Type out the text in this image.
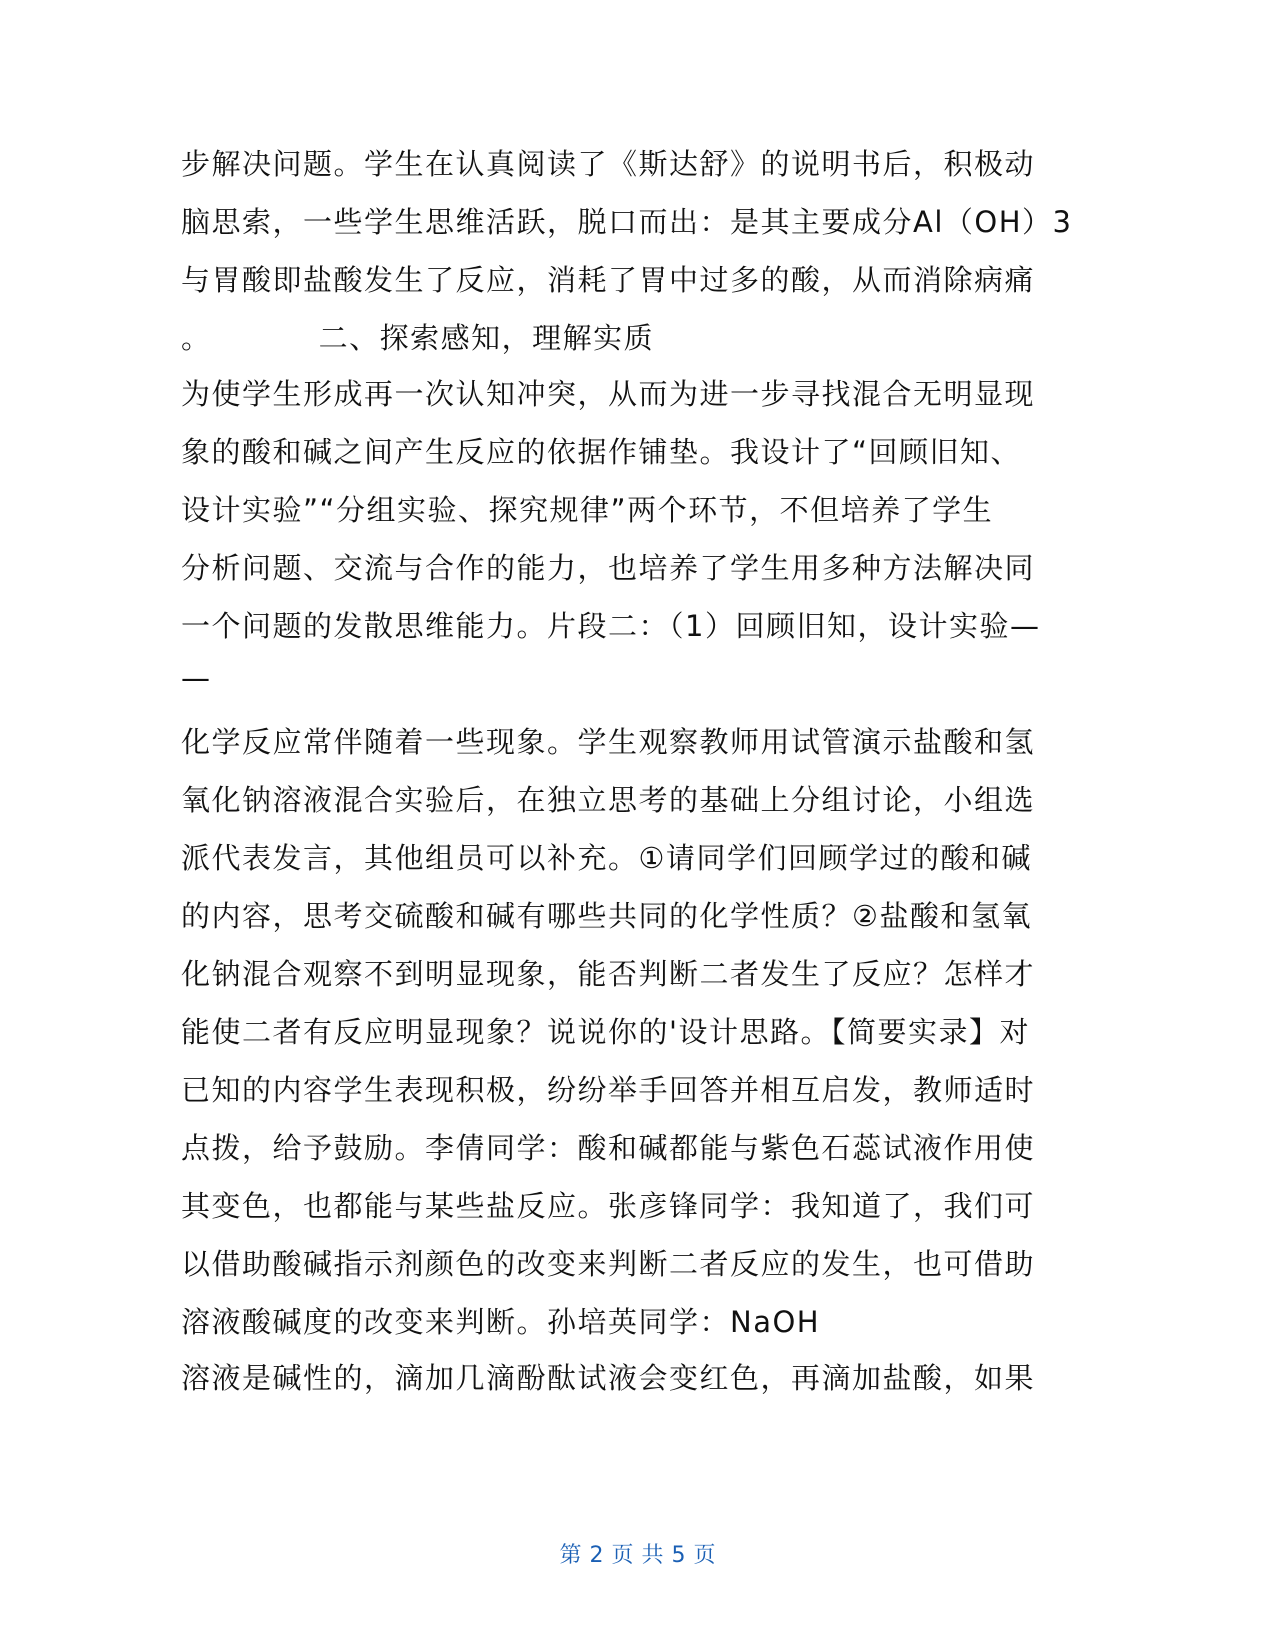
步解决问题。学生在认真阅读了《斯达舒》的说明书后，积极动
脑思索，一些学生思维活跃，脱口而出：是其主要成分Al（OH）3
与胃酸即盐酸发生了反应，消耗了胃中过多的酸，从而消除病痛
。          二、探索感知，理解实质
为使学生形成再一次认知冲突，从而为进一步寻找混合无明显现
象的酸和碱之间产生反应的依据作铺垫。我设计了“回顾旧知、
设计实验”“分组实验、探究规律”两个环节，不但培养了学生
分析问题、交流与合作的能力，也培养了学生用多种方法解决同
一个问题的发散思维能力。片段二：（1）回顾旧知，设计实验—
—
化学反应常伴随着一些现象。学生观察教师用试管演示盐酸和氢
氧化钠溶液混合实验后，在独立思考的基础上分组讨论，小组选
派代表发言，其他组员可以补充。①请同学们回顾学过的酸和碱
的内容，思考交硫酸和碱有哪些共同的化学性质？②盐酸和氢氧
化钠混合观察不到明显现象，能否判断二者发生了反应？怎样才
能使二者有反应明显现象？说说你的'设计思路。【简要实录】对
已知的内容学生表现积极，纷纷举手回答并相互启发，教师适时
点拨，给予鼓励。李倩同学：酸和碱都能与紫色石蕊试液作用使
其变色，也都能与某些盐反应。张彦锋同学：我知道了，我们可
以借助酸碱指示剂颜色的改变来判断二者反应的发生，也可借助
溶液酸碱度的改变来判断。孙培英同学：NaOH
溶液是碱性的，滴加几滴酚酞试液会变红色，再滴加盐酸，如果
第 2 页 共 5 页
